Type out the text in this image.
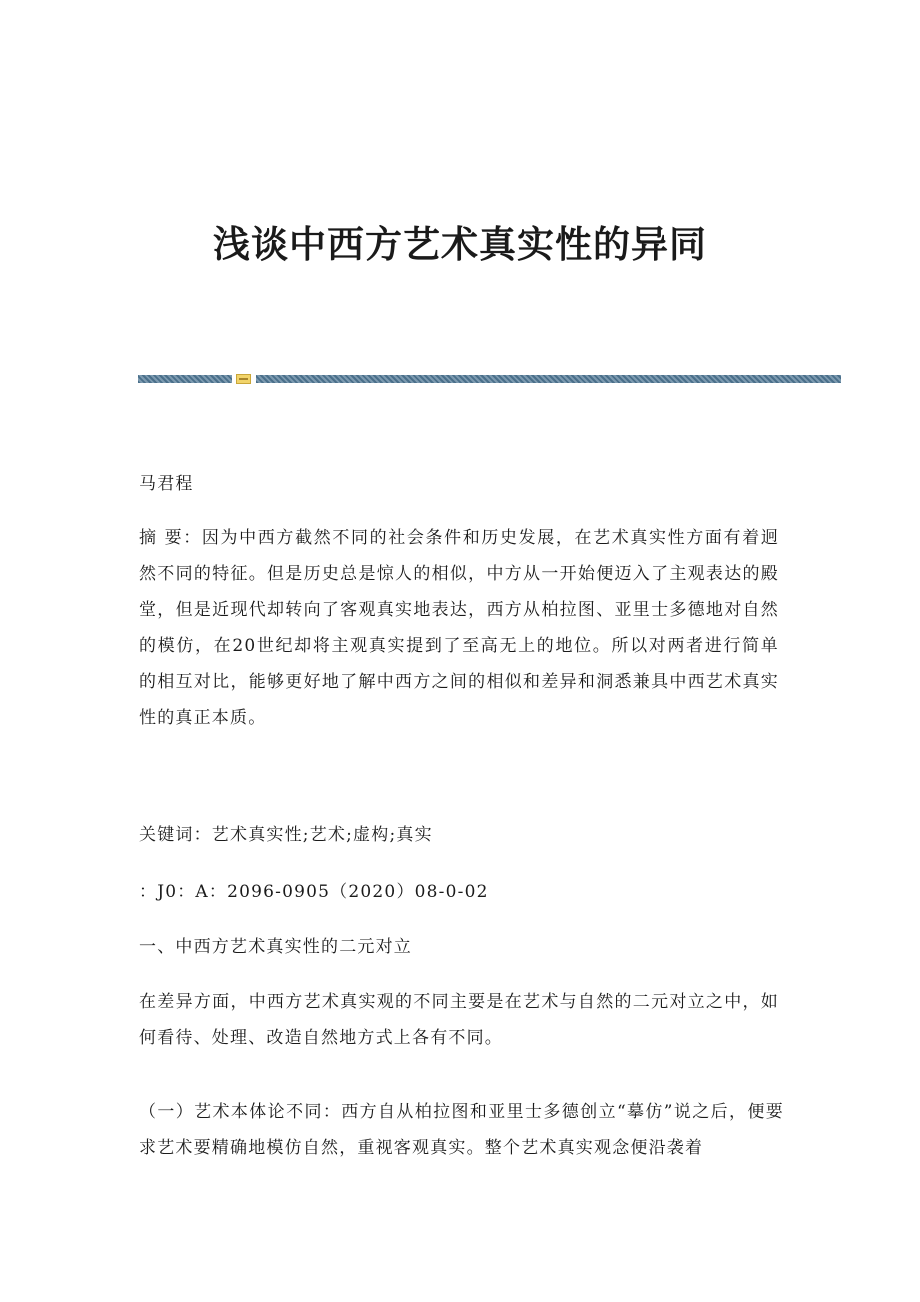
浅谈中西方艺术真实性的异同

马君程

摘 要：因为中西方截然不同的社会条件和历史发展，在艺术真实性方面有着迥然不同的特征。但是历史总是惊人的相似，中方从一开始便迈入了主观表达的殿堂，但是近现代却转向了客观真实地表达，西方从柏拉图、亚里士多德地对自然的模仿，在20世纪却将主观真实提到了至高无上的地位。所以对两者进行简单的相互对比，能够更好地了解中西方之间的相似和差异和洞悉兼具中西艺术真实性的真正本质。

关键词：艺术真实性;艺术;虚构;真实

：J0：A：2096-0905（2020）08-0-02

一、中西方艺术真实性的二元对立

在差异方面，中西方艺术真实观的不同主要是在艺术与自然的二元对立之中，如何看待、处理、改造自然地方式上各有不同。

（一）艺术本体论不同：西方自从柏拉图和亚里士多德创立“摹仿”说之后，便要求艺术要精确地模仿自然，重视客观真实。整个艺术真实观念便沿袭着
